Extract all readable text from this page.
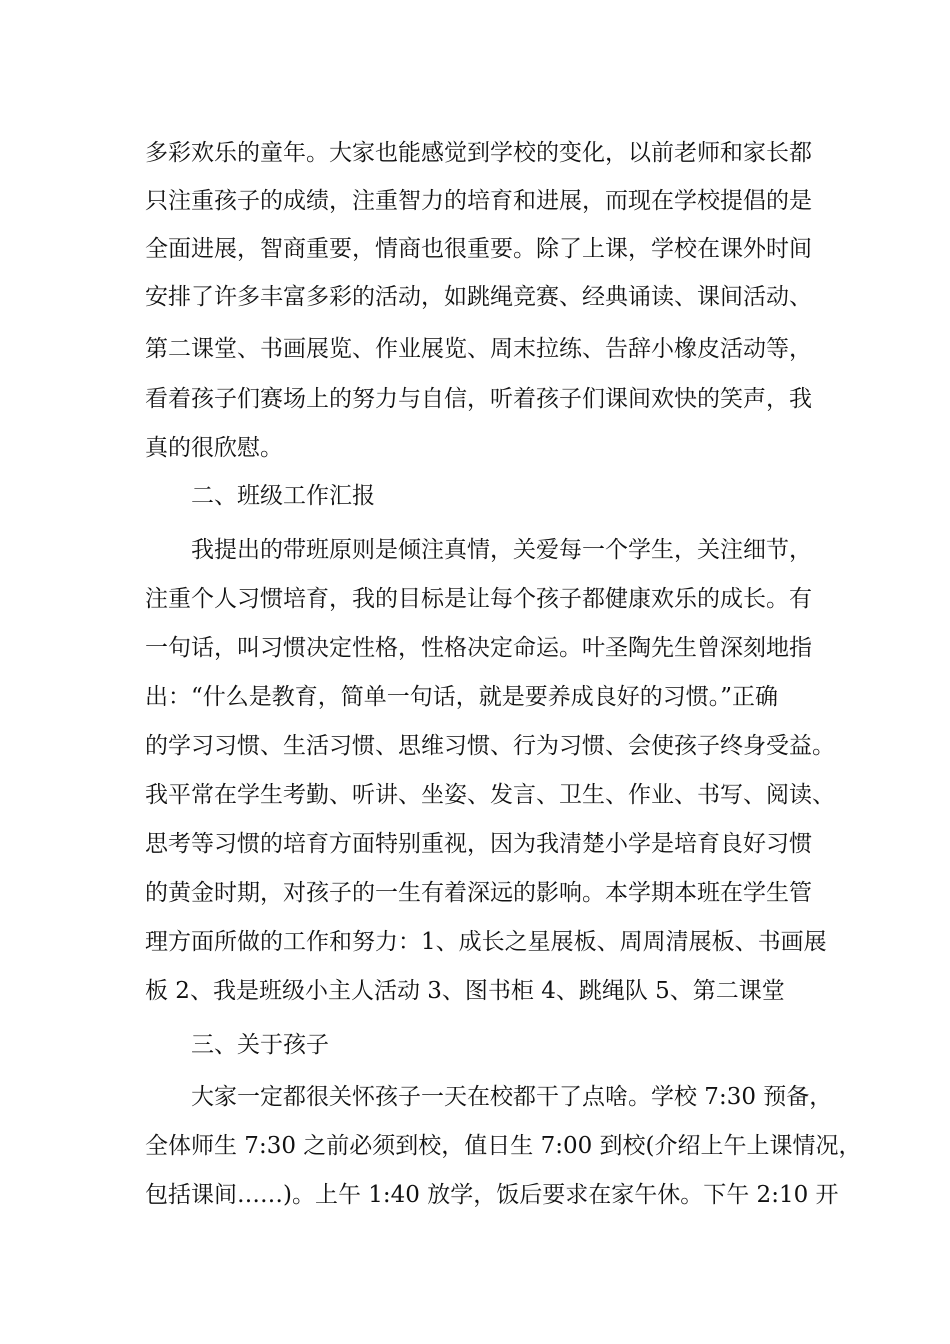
多彩欢乐的童年。大家也能感觉到学校的变化，以前老师和家长都
只注重孩子的成绩，注重智力的培育和进展，而现在学校提倡的是
全面进展，智商重要，情商也很重要。除了上课，学校在课外时间
安排了许多丰富多彩的活动，如跳绳竞赛、经典诵读、课间活动、
第二课堂、书画展览、作业展览、周末拉练、告辞小橡皮活动等，
看着孩子们赛场上的努力与自信，听着孩子们课间欢快的笑声，我
真的很欣慰。
二、班级工作汇报
我提出的带班原则是倾注真情，关爱每一个学生，关注细节，
注重个人习惯培育，我的目标是让每个孩子都健康欢乐的成长。有
一句话，叫习惯决定性格，性格决定命运。叶圣陶先生曾深刻地指
出：“什么是教育，简单一句话，就是要养成良好的习惯。”正确
的学习习惯、生活习惯、思维习惯、行为习惯、会使孩子终身受益。
我平常在学生考勤、听讲、坐姿、发言、卫生、作业、书写、阅读、
思考等习惯的培育方面特别重视，因为我清楚小学是培育良好习惯
的黄金时期，对孩子的一生有着深远的影响。本学期本班在学生管
理方面所做的工作和努力：1、成长之星展板、周周清展板、书画展
板 2、我是班级小主人活动 3、图书柜 4、跳绳队 5、第二课堂
三、关于孩子
大家一定都很关怀孩子一天在校都干了点啥。学校 7:30 预备，
全体师生 7:30 之前必须到校，值日生 7:00 到校(介绍上午上课情况，
包括课间……)。上午 1:40 放学，饭后要求在家午休。下午 2:10 开
